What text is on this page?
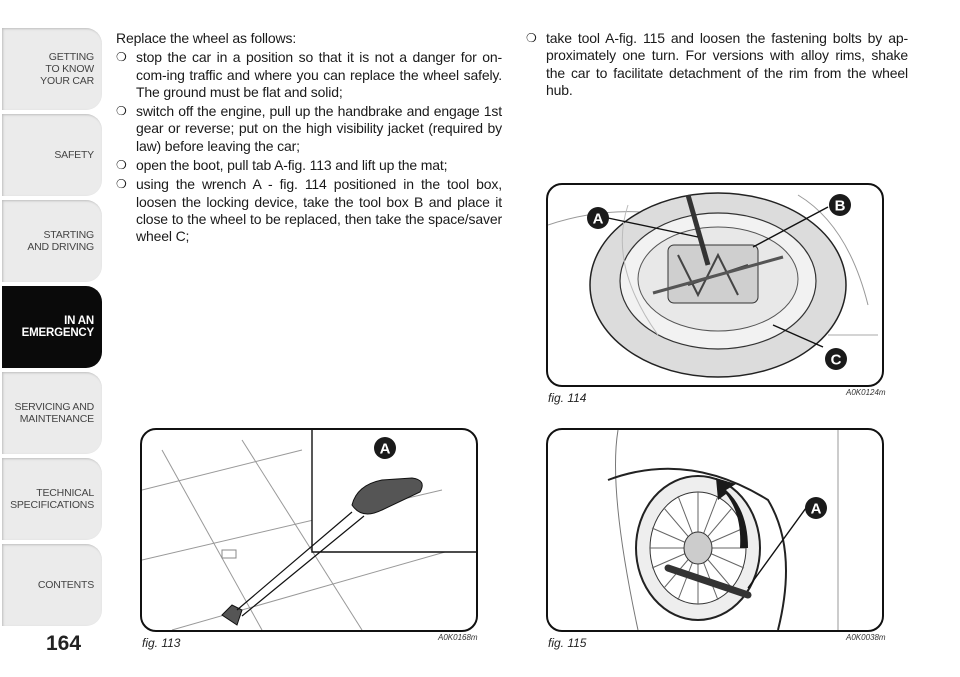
GETTING
TO KNOW
YOUR CAR
SAFETY
STARTING
AND DRIVING
IN AN
EMERGENCY
SERVICING AND
MAINTENANCE
TECHNICAL
SPECIFICATIONS
CONTENTS
164

Replace the wheel as follows:

❍ stop the car in a position so that it is not a danger for on-com-ing traffic and where you can replace the wheel safely. The ground must be flat and solid;

❍ switch off the engine, pull up the handbrake and engage 1st gear or reverse; put on the high visibility jacket (required by law) before leaving the car;

❍ open the boot, pull tab A-fig. 113 and lift up the mat;

❍ using the wrench A - fig. 114 positioned in the tool box, loosen the locking device, take the tool box B and place it close to the wheel to be replaced, then take the space/saver wheel C;

❍ take tool A-fig. 115 and loosen the fastening bolts by ap-proximately one turn. For versions with alloy rims, shake the car to facilitate detachment of the rim from the wheel hub.

A
B
C
fig. 114	A0K0124m
A
fig. 113	A0K0168m
A
fig. 115	A0K0038m
